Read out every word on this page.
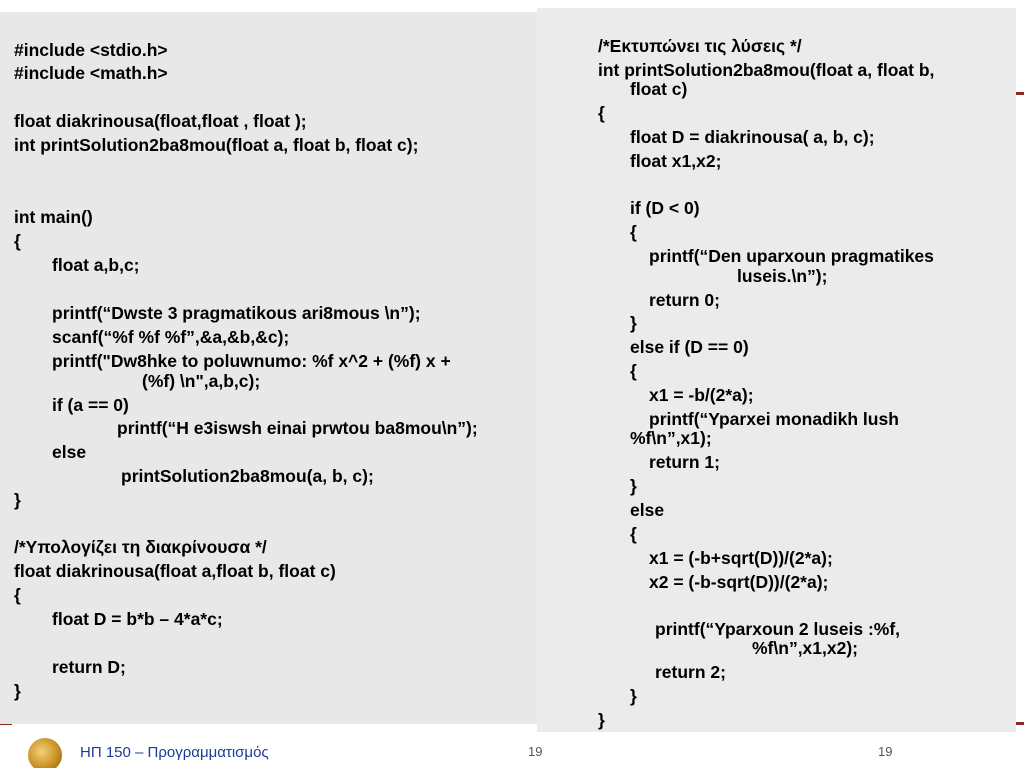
ΗΠ 150 – Προγραμματισμός	19	19
#include <stdio.h>
#include <math.h>
float diakrinousa(float,float , float );
int printSolution2ba8mou(float a, float b, float c);
int main()
{
float a,b,c;
printf(“Dwste 3 pragmatikous ari8mous \n”);
scanf(“%f %f %f”,&a,&b,&c);
printf("Dw8hke to poluwnumo: %f x^2 + (%f) x +
(%f) \n",a,b,c);
if (a == 0)
printf(“H e3iswsh einai prwtou ba8mou\n”);
else
printSolution2ba8mou(a, b, c);
}
/*Υπολογίζει τη διακρίνουσα */
float diakrinousa(float a,float b, float c)
{
float D = b*b – 4*a*c;
return D;
}
/*Εκτυπώνει τις λύσεις */
int printSolution2ba8mou(float a, float b,
float c)
{
float D = diakrinousa( a, b, c);
float x1,x2;
if (D < 0)
{
printf(“Den uparxoun pragmatikes
luseis.\n”);
return 0;
}
else if (D == 0)
{
x1 = -b/(2*a);
printf(“Yparxei monadikh lush
%f\n”,x1);
return 1;
}
else
{
x1 = (-b+sqrt(D))/(2*a);
x2 = (-b-sqrt(D))/(2*a);
printf(“Yparxoun 2 luseis :%f,
%f\n”,x1,x2);
return 2;
}
}
